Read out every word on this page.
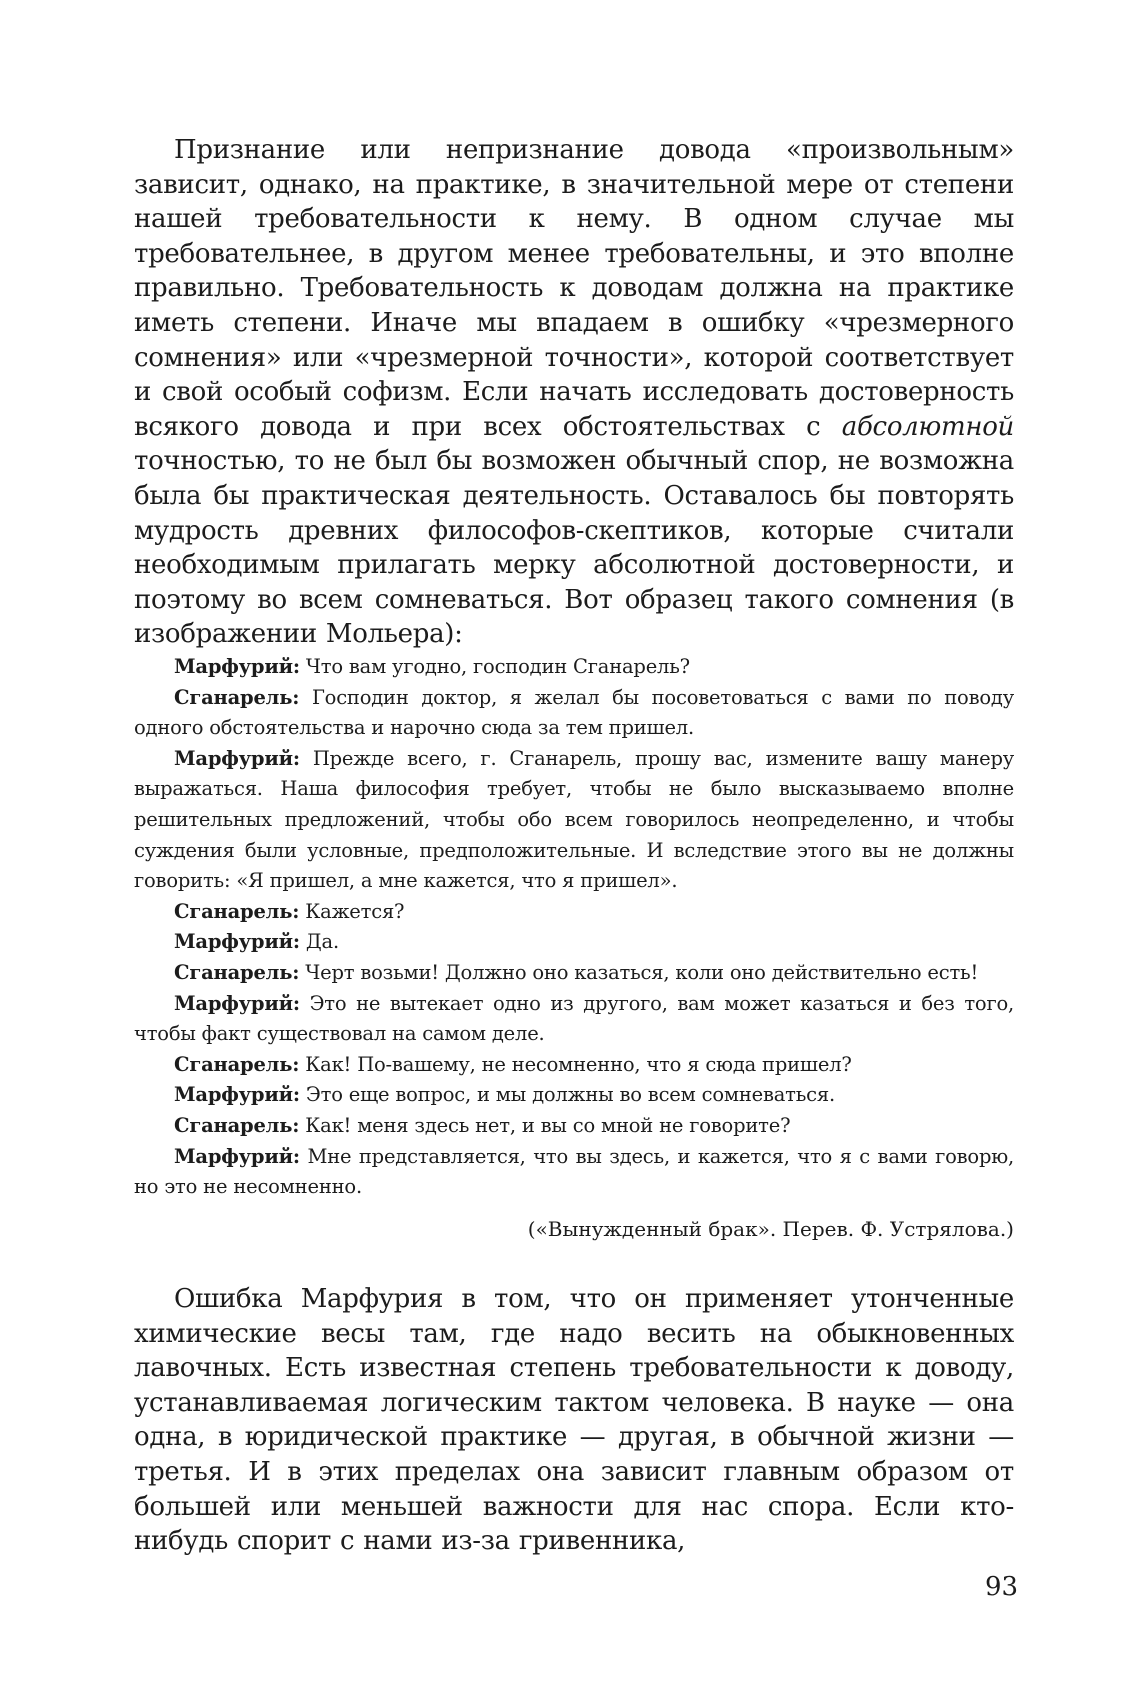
Признание или непризнание довода «произвольным» зависит, однако, на практике, в значительной мере от степени нашей требовательности к нему. В одном случае мы требовательнее, в другом менее требовательны, и это вполне правильно. Требовательность к доводам должна на практике иметь степени. Иначе мы впадаем в ошибку «чрезмерного сомнения» или «чрезмерной точности», которой соответствует и свой особый софизм. Если начать исследовать достоверность всякого довода и при всех обстоятельствах с абсолютной точностью, то не был бы возможен обычный спор, не возможна была бы практическая деятельность. Оставалось бы повторять мудрость древних философов-скептиков, которые считали необходимым прилагать мерку абсолютной достоверности, и поэтому во всем сомневаться. Вот образец такого сомнения (в изображении Мольера):

Марфурий: Что вам угодно, господин Сганарель?

Сганарель: Господин доктор, я желал бы посоветоваться с вами по поводу одного обстоятельства и нарочно сюда за тем пришел.

Марфурий: Прежде всего, г. Сганарель, прошу вас, измените вашу манеру выражаться. Наша философия требует, чтобы не было высказываемо вполне решительных предложений, чтобы обо всем говорилось неопределенно, и чтобы суждения были условные, предположительные. И вследствие этого вы не должны говорить: «Я пришел, а мне кажется, что я пришел».

Сганарель: Кажется?

Марфурий: Да.

Сганарель: Черт возьми! Должно оно казаться, коли оно действительно есть!

Марфурий: Это не вытекает одно из другого, вам может казаться и без того, чтобы факт существовал на самом деле.

Сганарель: Как! По-вашему, не несомненно, что я сюда пришел?

Марфурий: Это еще вопрос, и мы должны во всем сомневаться.

Сганарель: Как! меня здесь нет, и вы со мной не говорите?

Марфурий: Мне представляется, что вы здесь, и кажется, что я с вами говорю, но это не несомненно.

(«Вынужденный брак». Перев. Ф. Устрялова.)

Ошибка Марфурия в том, что он применяет утонченные химические весы там, где надо весить на обыкновенных лавочных. Есть известная степень требовательности к доводу, устанавливаемая логическим тактом человека. В науке — она одна, в юридической практике — другая, в обычной жизни — третья. И в этих пределах она зависит главным образом от большей или меньшей важности для нас спора. Если кто-нибудь спорит с нами из-за гривенника,

93
